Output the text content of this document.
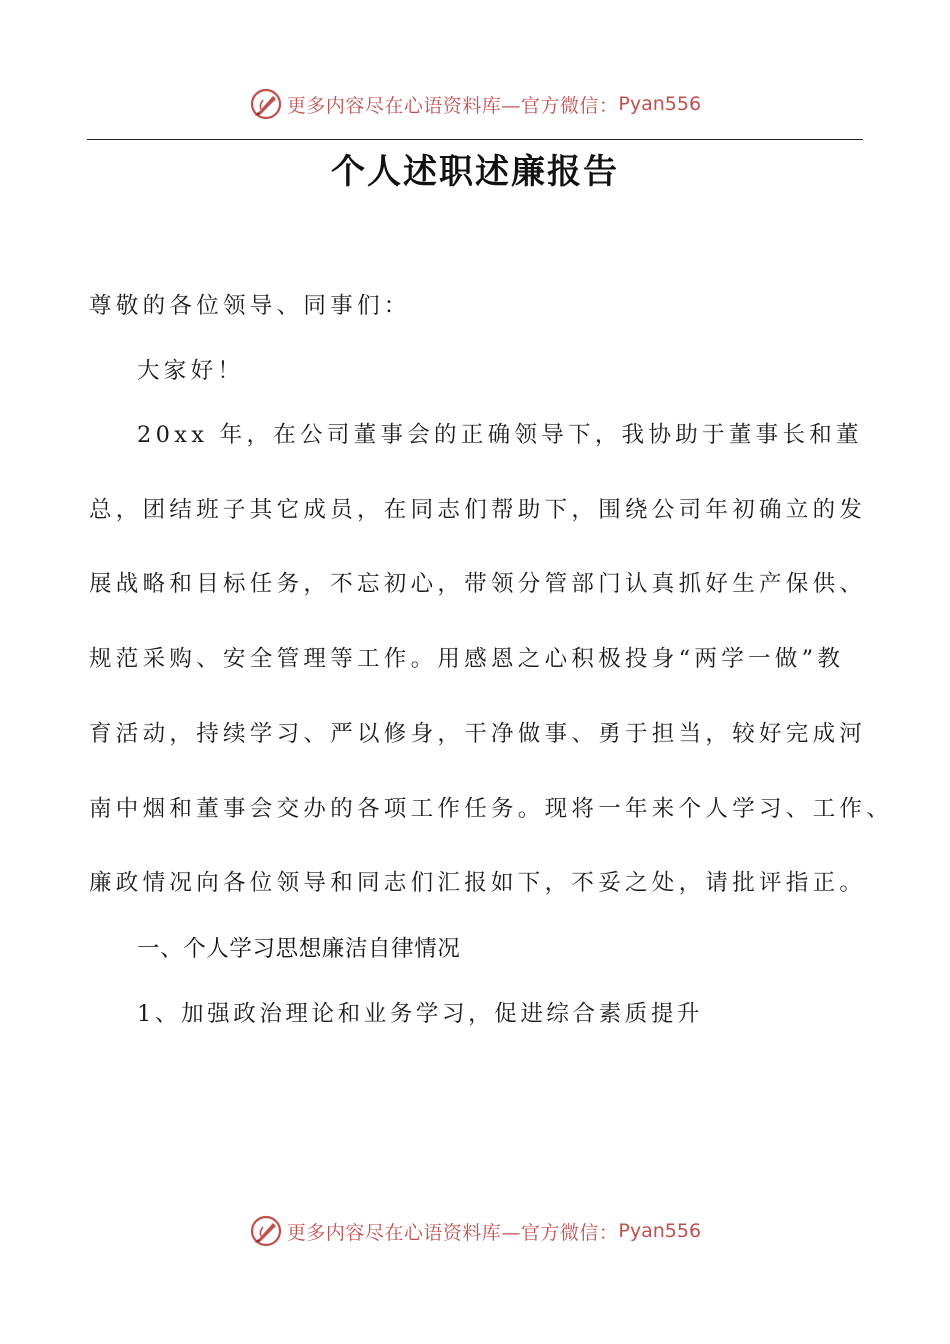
更多内容尽在心语资料库—官方微信： Pyan556
个人述职述廉报告

尊敬的各位领导、同事们：

大家好！

20xx 年，在公司董事会的正确领导下，我协助于董事长和董
总，团结班子其它成员，在同志们帮助下，围绕公司年初确立的发
展战略和目标任务，不忘初心，带领分管部门认真抓好生产保供、
规范采购、安全管理等工作。用感恩之心积极投身“两学一做”教
育活动，持续学习、严以修身，干净做事、勇于担当，较好完成河
南中烟和董事会交办的各项工作任务。现将一年来个人学习、工作、
廉政情况向各位领导和同志们汇报如下，不妥之处，请批评指正。

一、个人学习思想廉洁自律情况
1、加强政治理论和业务学习，促进综合素质提升
更多内容尽在心语资料库—官方微信： Pyan556
